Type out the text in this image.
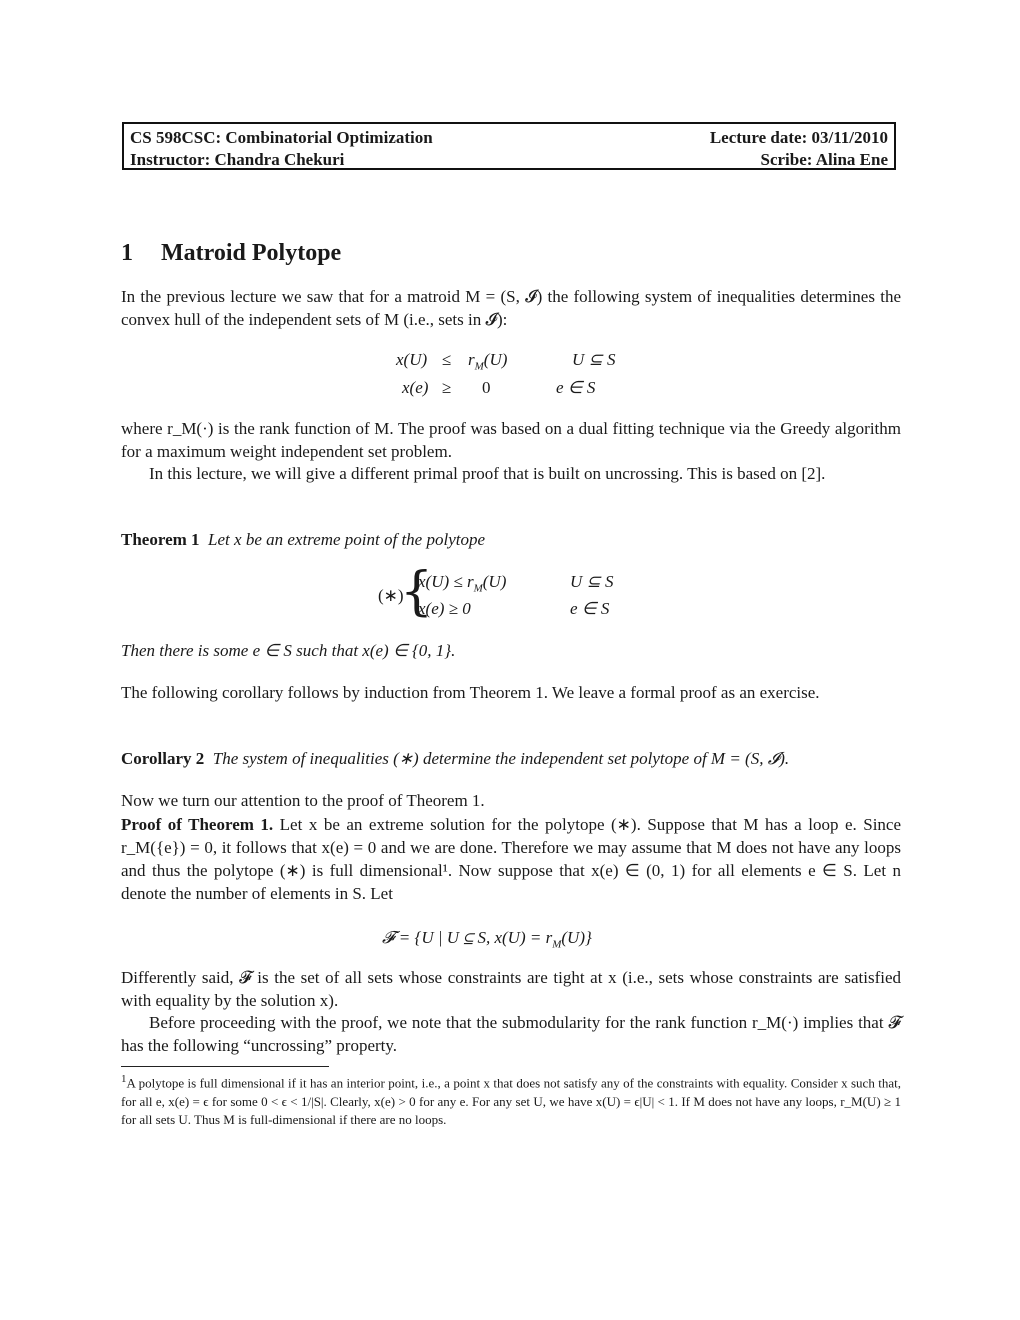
CS 598CSC: Combinatorial Optimization	Lecture date: 03/11/2010
Instructor: Chandra Chekuri	Scribe: Alina Ene
1 Matroid Polytope
In the previous lecture we saw that for a matroid M = (S, 𝓘) the following system of inequalities determines the convex hull of the independent sets of M (i.e., sets in 𝓘):
$x(U) \le r_M(U)$	U ⊆ S
x(e) ≥ 0	e ∈ S
where r_M(·) is the rank function of M. The proof was based on a dual fitting technique via the Greedy algorithm for a maximum weight independent set problem.
In this lecture, we will give a different primal proof that is built on uncrossing. This is based on [2].
Theorem 1 Let x be an extreme point of the polytope
(∗)
{
$x(U) \le r_M(U)$	U ⊆ S
x(e) ≥ 0	e ∈ S
Then there is some e ∈ S such that x(e) ∈ {0, 1}.
The following corollary follows by induction from Theorem 1. We leave a formal proof as an exercise.
Corollary 2 The system of inequalities (∗) determine the independent set polytope of M = (S, 𝓘).
Now we turn our attention to the proof of Theorem 1.
Proof of Theorem 1. Let x be an extreme solution for the polytope (∗). Suppose that M has a loop e. Since r_M({e}) = 0, it follows that x(e) = 0 and we are done. Therefore we may assume that M does not have any loops and thus the polytope (∗) is full dimensional¹. Now suppose that x(e) ∈ (0, 1) for all elements e ∈ S. Let n denote the number of elements in S. Let
𝓕 = {U | U ⊆ S, $x(U) = r_M(U)$}
Differently said, 𝓕 is the set of all sets whose constraints are tight at x (i.e., sets whose constraints are satisfied with equality by the solution x).
Before proceeding with the proof, we note that the submodularity for the rank function r_M(·) implies that 𝓕 has the following “uncrossing” property.
$^1$A polytope is full dimensional if it has an interior point, i.e., a point x that does not satisfy any of the constraints with equality. Consider x such that, for all e, x(e) = ϵ for some 0 < ϵ < 1/|S|. Clearly, x(e) > 0 for any e. For any set U, we have x(U) = ϵ|U| < 1. If M does not have any loops, r_M(U) ≥ 1 for all sets U. Thus M is full-dimensional if there are no loops.
